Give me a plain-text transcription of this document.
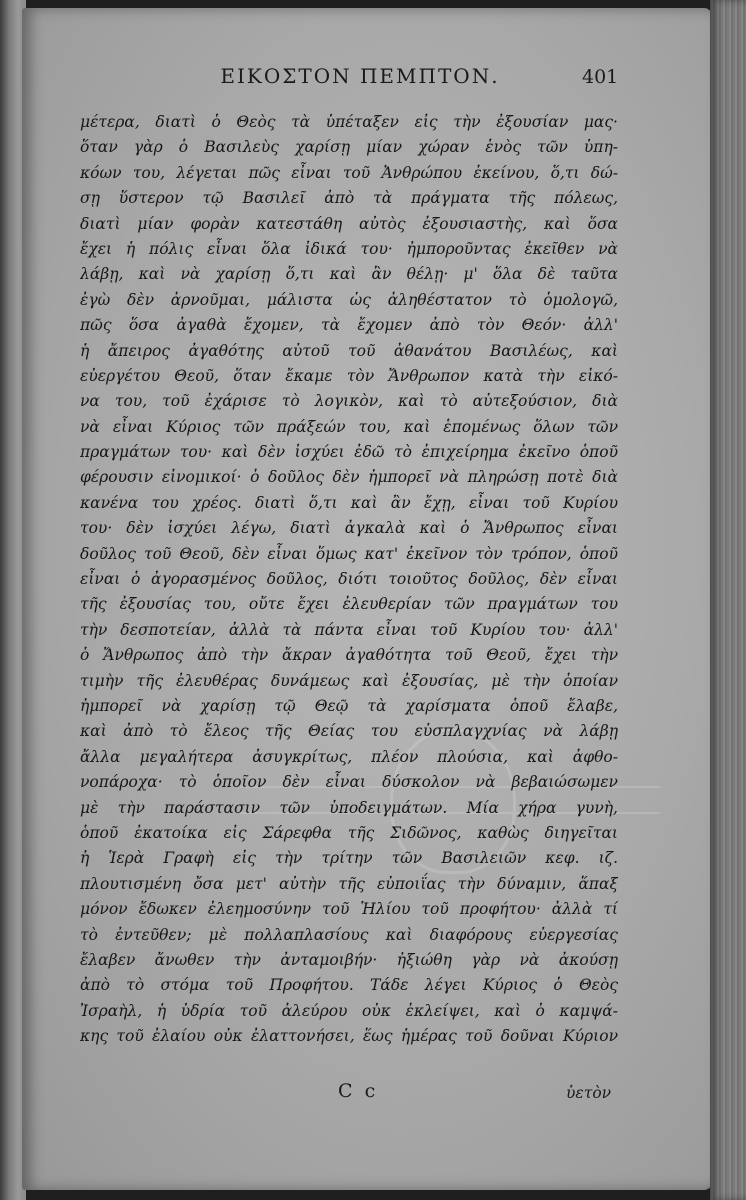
ΕΙΚΟΣΤΟΝ ΠΕΜΠΤΟΝ.	401
μέτερα, διατὶ ὁ Θεὸς τὰ ὑπέταξεν εἰς τὴν ἐξουσίαν μας·
ὅταν γὰρ ὁ Βασιλεὺς χαρίσῃ μίαν χώραν ἑνὸς τῶν ὑπη-
κόων του, λέγεται πῶς εἶναι τοῦ Ἀνθρώπου ἐκείνου, ὅ,τι δώ-
σῃ ὕστερον τῷ Βασιλεῖ ἀπὸ τὰ πράγματα τῆς πόλεως,
διατὶ μίαν φορὰν κατεστάθη αὐτὸς ἐξουσιαστὴς, καὶ ὅσα
ἔχει ἡ πόλις εἶναι ὅλα ἰδικά του· ἠμποροῦντας ἐκεῖθεν νὰ
λάβῃ, καὶ νὰ χαρίσῃ ὅ,τι καὶ ἂν θέλῃ· μ' ὅλα δὲ ταῦτα
ἐγὼ δὲν ἀρνοῦμαι, μάλιστα ὡς ἀληθέστατον τὸ ὁμολογῶ,
πῶς ὅσα ἀγαθὰ ἔχομεν, τὰ ἔχομεν ἀπὸ τὸν Θεόν· ἀλλ'
ἡ ἄπειρος ἀγαθότης αὐτοῦ τοῦ ἀθανάτου Βασιλέως, καὶ
εὐεργέτου Θεοῦ, ὅταν ἔκαμε τὸν Ἄνθρωπον κατὰ τὴν εἰκό-
να του, τοῦ ἐχάρισε τὸ λογικὸν, καὶ τὸ αὐτεξούσιον, διὰ
νὰ εἶναι Κύριος τῶν πράξεών του, καὶ ἑπομένως ὅλων τῶν
πραγμάτων του· καὶ δὲν ἰσχύει ἐδῶ τὸ ἐπιχείρημα ἐκεῖνο ὁποῦ
φέρουσιν εἰνομικοί· ὁ δοῦλος δὲν ἠμπορεῖ νὰ πληρώσῃ ποτὲ διὰ
κανένα του χρέος. διατὶ ὅ,τι καὶ ἂν ἔχῃ, εἶναι τοῦ Κυρίου
του· δὲν ἰσχύει λέγω, διατὶ ἀγκαλὰ καὶ ὁ Ἄνθρωπος εἶναι
δοῦλος τοῦ Θεοῦ, δὲν εἶναι ὅμως κατ' ἐκεῖνον τὸν τρόπον, ὁποῦ
εἶναι ὁ ἀγορασμένος δοῦλος, διότι τοιοῦτος δοῦλος, δὲν εἶναι
τῆς ἐξουσίας του, οὔτε ἔχει ἐλευθερίαν τῶν πραγμάτων του
τὴν δεσποτείαν, ἀλλὰ τὰ πάντα εἶναι τοῦ Κυρίου του· ἀλλ'
ὁ Ἄνθρωπος ἀπὸ τὴν ἄκραν ἀγαθότητα τοῦ Θεοῦ, ἔχει τὴν
τιμὴν τῆς ἐλευθέρας δυνάμεως καὶ ἐξουσίας, μὲ τὴν ὁποίαν
ἠμπορεῖ νὰ χαρίσῃ τῷ Θεῷ τὰ χαρίσματα ὁποῦ ἔλαβε,
καὶ ἀπὸ τὸ ἔλεος τῆς Θείας του εὐσπλαγχνίας νὰ λάβῃ
ἄλλα μεγαλήτερα ἀσυγκρίτως, πλέον πλούσια, καὶ ἀφθο-
νοπάροχα· τὸ ὁποῖον δὲν εἶναι δύσκολον νὰ βεβαιώσωμεν
μὲ τὴν παράστασιν τῶν ὑποδειγμάτων. Μία χήρα γυνὴ,
ὁποῦ ἐκατοίκα εἰς Σάρεφθα τῆς Σιδῶνος, καθὼς διηγεῖται
ἡ Ἱερὰ Γραφὴ εἰς τὴν τρίτην τῶν Βασιλειῶν κεφ. ιζ.
πλουτισμένη ὄσα μετ' αὐτὴν τῆς εὐποιΐας τὴν δύναμιν, ἅπαξ
μόνον ἔδωκεν ἐλεημοσύνην τοῦ Ἡλίου τοῦ προφήτου· ἀλλὰ τί
τὸ ἐντεῦθεν; μὲ πολλαπλασίους καὶ διαφόρους εὐεργεσίας
ἔλαβεν ἄνωθεν τὴν ἀνταμοιβήν· ἠξιώθη γὰρ νὰ ἀκούσῃ
ἀπὸ τὸ στόμα τοῦ Προφήτου. Τάδε λέγει Κύριος ὁ Θεὸς
Ἰσραὴλ, ἡ ὑδρία τοῦ ἀλεύρου οὐκ ἐκλείψει, καὶ ὁ καμψά-
κης τοῦ ἐλαίου οὐκ ἐλαττονήσει, ἕως ἡμέρας τοῦ δοῦναι Κύριον
C c	ὑετὸν
